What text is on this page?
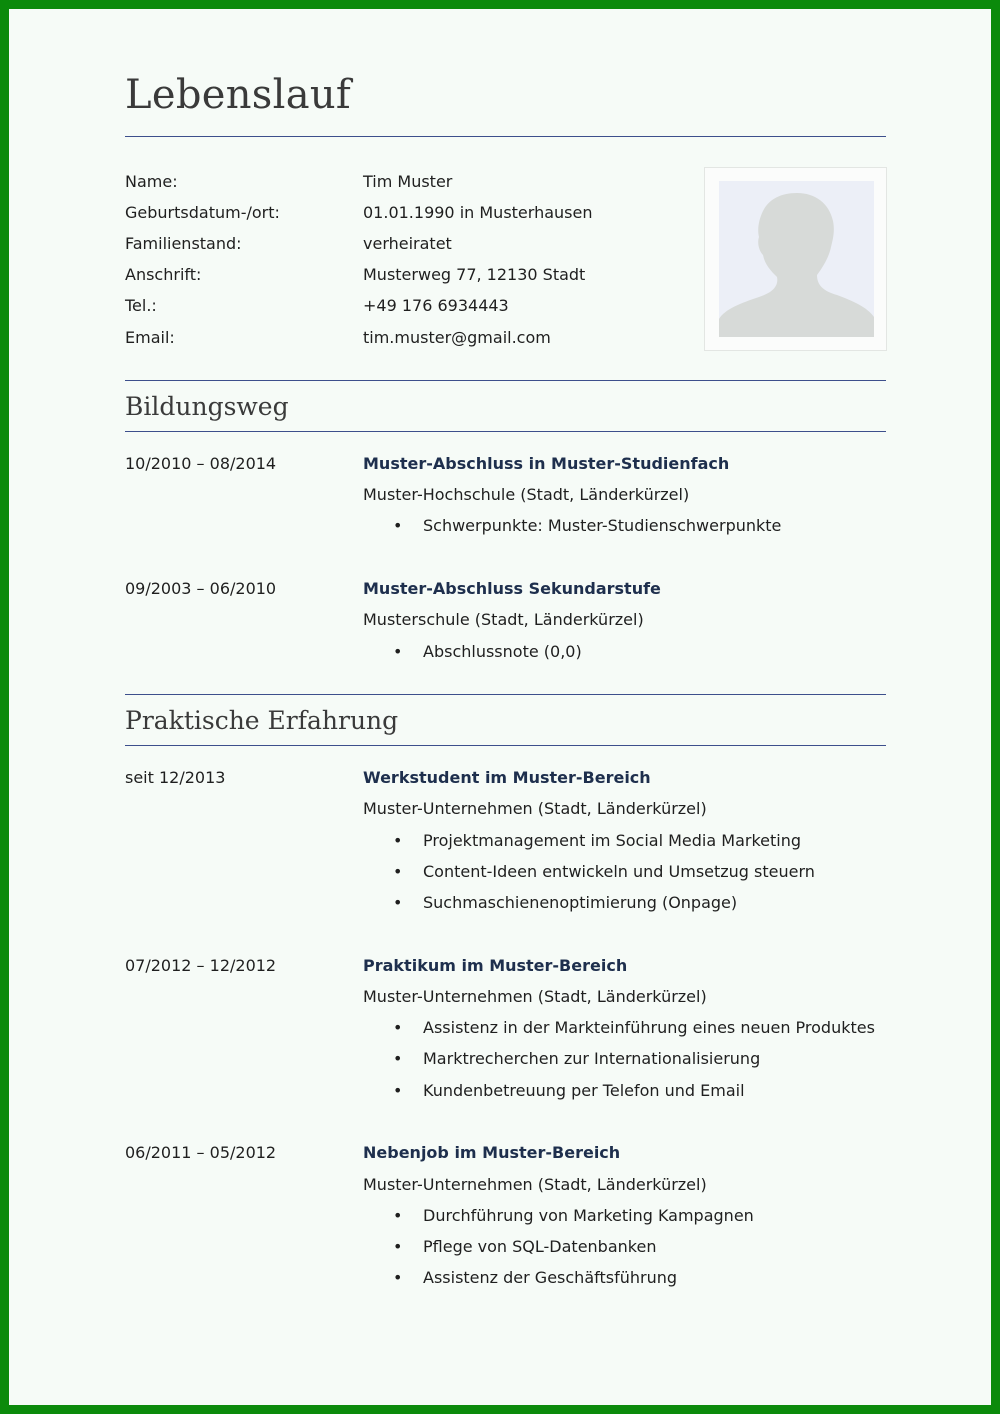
Lebenslauf
Name:	Tim Muster
Geburtsdatum-/ort:	01.01.1990 in Musterhausen
Familienstand:	verheiratet
Anschrift:	Musterweg 77, 12130 Stadt
Tel.:	+49 176 6934443
Email:	tim.muster@gmail.com
Bildungsweg
10/2010 – 08/2014	Muster-Abschluss in Muster-Studienfach
Muster-Hochschule (Stadt, Länderkürzel)
• Schwerpunkte: Muster-Studienschwerpunkte
09/2003 – 06/2010	Muster-Abschluss Sekundarstufe
Musterschule (Stadt, Länderkürzel)
• Abschlussnote (0,0)
Praktische Erfahrung
seit 12/2013	Werkstudent im Muster-Bereich
Muster-Unternehmen (Stadt, Länderkürzel)
• Projektmanagement im Social Media Marketing
• Content-Ideen entwickeln und Umsetzug steuern
• Suchmaschienenoptimierung (Onpage)
07/2012 – 12/2012	Praktikum im Muster-Bereich
Muster-Unternehmen (Stadt, Länderkürzel)
• Assistenz in der Markteinführung eines neuen Produktes
• Marktrecherchen zur Internationalisierung
• Kundenbetreuung per Telefon und Email
06/2011 – 05/2012	Nebenjob im Muster-Bereich
Muster-Unternehmen (Stadt, Länderkürzel)
• Durchführung von Marketing Kampagnen
• Pflege von SQL-Datenbanken
• Assistenz der Geschäftsführung
